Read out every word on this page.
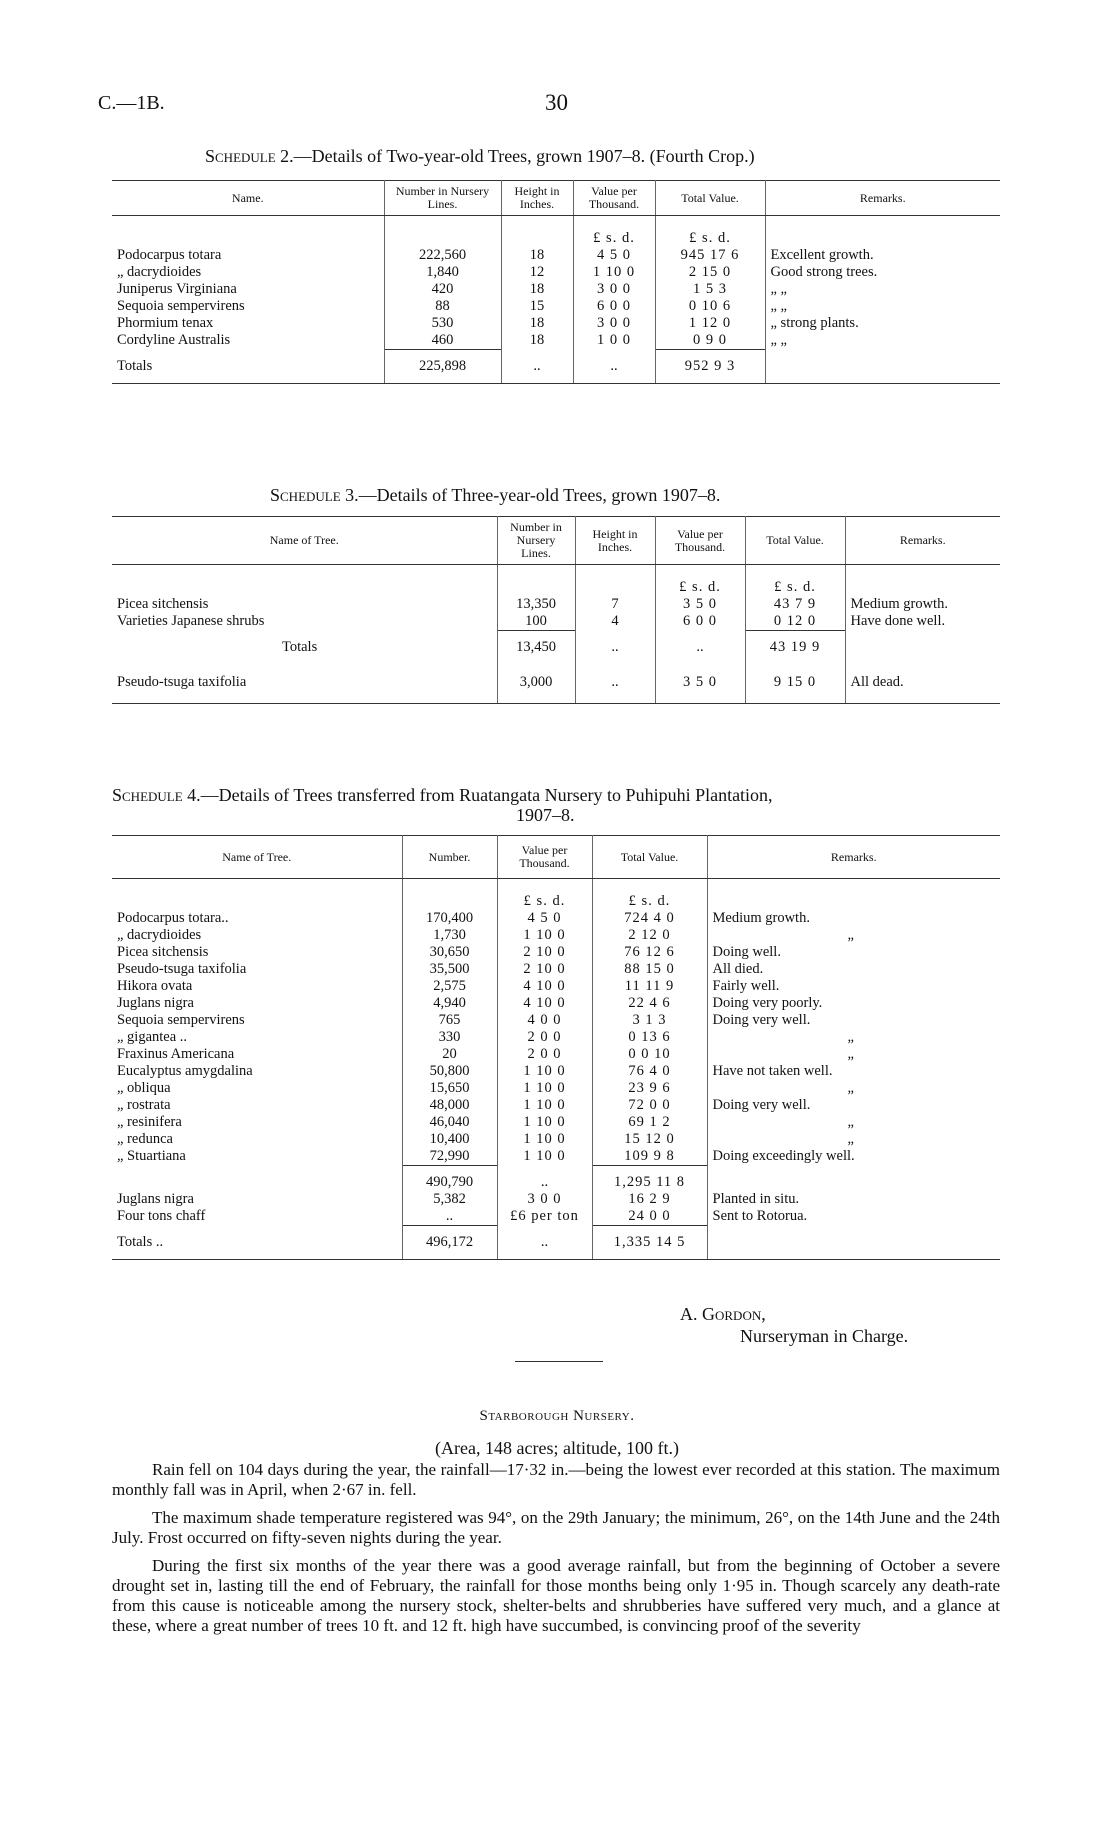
C.—1B.	30
Schedule 2.—Details of Two-year-old Trees, grown 1907–8. (Fourth Crop.)
Name.	Number in Nursery Lines.	Height in Inches.	Value per Thousand.	Total Value.	Remarks.
			£ s. d.	£ s. d.	
Podocarpus totara	222,560	18	4 5 0	945 17 6	Excellent growth.
„ dacrydioides	1,840	12	1 10 0	2 15 0	Good strong trees.
Juniperus Virginiana	420	18	3 0 0	1 5 3	„ „
Sequoia sempervirens	88	15	6 0 0	0 10 6	„ „
Phormium tenax	530	18	3 0 0	1 12 0	„ strong plants.
Cordyline Australis	460	18	1 0 0	0 9 0	„ „
Totals	225,898	..	..	952 9 3	
Schedule 3.—Details of Three-year-old Trees, grown 1907–8.
Name of Tree.	Number in Nursery Lines.	Height in Inches.	Value per Thousand.	Total Value.	Remarks.
			£ s. d.	£ s. d.	
Picea sitchensis	13,350	7	3 5 0	43 7 9	Medium growth.
Varieties Japanese shrubs	100	4	6 0 0	0 12 0	Have done well.
Totals	13,450	..	..	43 19 9	
Pseudo-tsuga taxifolia	3,000	..	3 5 0	9 15 0	All dead.
Schedule 4.—Details of Trees transferred from Ruatangata Nursery to Puhipuhi Plantation,
1907–8.
Name of Tree.	Number.	Value per Thousand.	Total Value.	Remarks.
		£ s. d.	£ s. d.	
Podocarpus totara..	170,400	4 5 0	724 4 0	Medium growth.
„ dacrydioides	1,730	1 10 0	2 12 0	„
Picea sitchensis	30,650	2 10 0	76 12 6	Doing well.
Pseudo-tsuga taxifolia	35,500	2 10 0	88 15 0	All died.
Hikora ovata	2,575	4 10 0	11 11 9	Fairly well.
Juglans nigra	4,940	4 10 0	22 4 6	Doing very poorly.
Sequoia sempervirens	765	4 0 0	3 1 3	Doing very well.
„ gigantea ..	330	2 0 0	0 13 6	„
Fraxinus Americana	20	2 0 0	0 0 10	„
Eucalyptus amygdalina	50,800	1 10 0	76 4 0	Have not taken well.
„ obliqua	15,650	1 10 0	23 9 6	„
„ rostrata	48,000	1 10 0	72 0 0	Doing very well.
„ resinifera	46,040	1 10 0	69 1 2	„
„ redunca	10,400	1 10 0	15 12 0	„
„ Stuartiana	72,990	1 10 0	109 9 8	Doing exceedingly well.
	490,790	..	1,295 11 8	
Juglans nigra	5,382	3 0 0	16 2 9	Planted in situ.
Four tons chaff	..	£6 per ton	24 0 0	Sent to Rotorua.
Totals ..	496,172	..	1,335 14 5	
A. Gordon,
Nurseryman in Charge.
Starborough Nursery.
(Area, 148 acres; altitude, 100 ft.)

Rain fell on 104 days during the year, the rainfall—17·32 in.—being the lowest ever recorded at this station. The maximum monthly fall was in April, when 2·67 in. fell.

The maximum shade temperature registered was 94°, on the 29th January; the minimum, 26°, on the 14th June and the 24th July. Frost occurred on fifty-seven nights during the year.

During the first six months of the year there was a good average rainfall, but from the beginning of October a severe drought set in, lasting till the end of February, the rainfall for those months being only 1·95 in. Though scarcely any death-rate from this cause is noticeable among the nursery stock, shelter-belts and shrubberies have suffered very much, and a glance at these, where a great number of trees 10 ft. and 12 ft. high have succumbed, is convincing proof of the severity
